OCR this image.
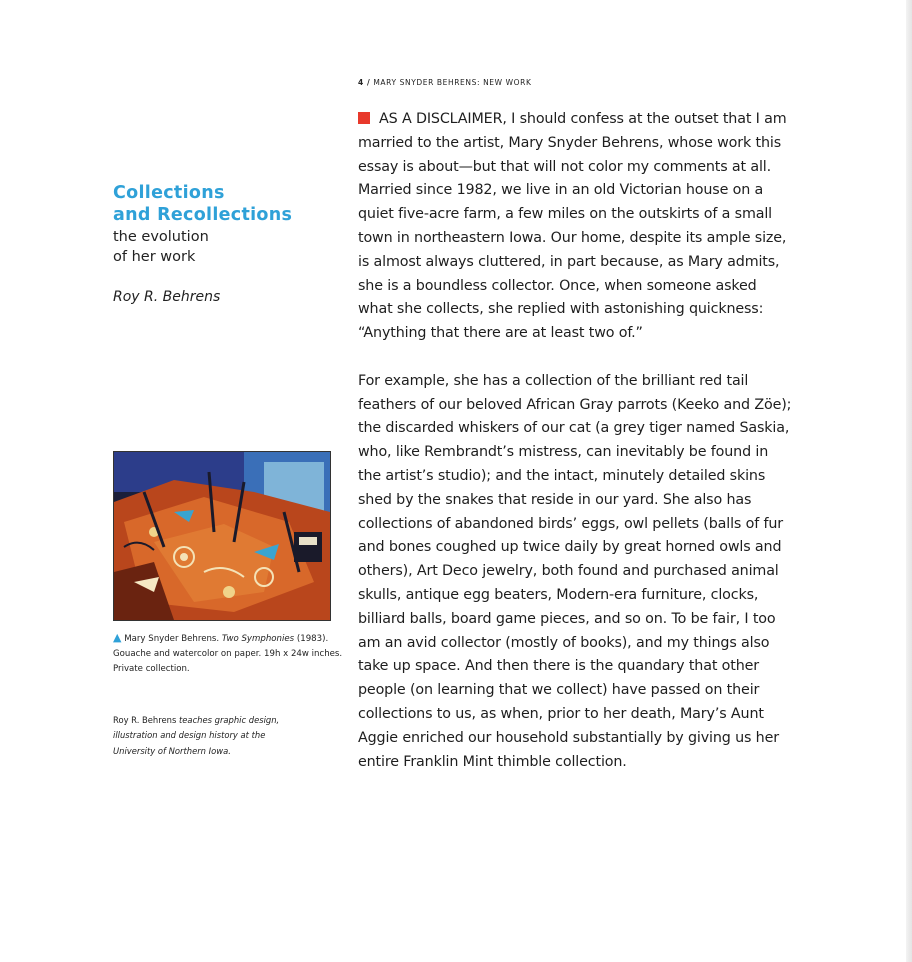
4 / MARY SNYDER BEHRENS: NEW WORK
Collections
and Recollections
the evolution
of her work
Roy R. Behrens
▲ Mary Snyder Behrens. Two Symphonies (1983). Gouache and watercolor on paper. 19h x 24w inches. Private collection.
Roy R. Behrens teaches graphic design, illustration and design history at the University of Northern Iowa.

AS A DISCLAIMER, I should confess at the outset that I am married to the artist, Mary Snyder Behrens, whose work this essay is about—but that will not color my comments at all. Married since 1982, we live in an old Victorian house on a quiet five-acre farm, a few miles on the outskirts of a small town in northeastern Iowa. Our home, despite its ample size, is almost always cluttered, in part because, as Mary admits, she is a boundless collector. Once, when someone asked what she collects, she replied with astonishing quickness: “Anything that there are at least two of.”

For example, she has a collection of the brilliant red tail feathers of our beloved African Gray parrots (Keeko and Zöe); the discarded whiskers of our cat (a grey tiger named Saskia, who, like Rembrandt’s mistress, can inevitably be found in the artist’s studio); and the intact, minutely detailed skins shed by the snakes that reside in our yard. She also has collections of abandoned birds’ eggs, owl pellets (balls of fur and bones coughed up twice daily by great horned owls and others), Art Deco jewelry, both found and purchased animal skulls, antique egg beaters, Modern-era furniture, clocks, billiard balls, board game pieces, and so on. To be fair, I too am an avid collector (mostly of books), and my things also take up space. And then there is the quandary that other people (on learning that we collect) have passed on their collections to us, as when, prior to her death, Mary’s Aunt Aggie enriched our household substantially by giving us her entire Franklin Mint thimble collection.
